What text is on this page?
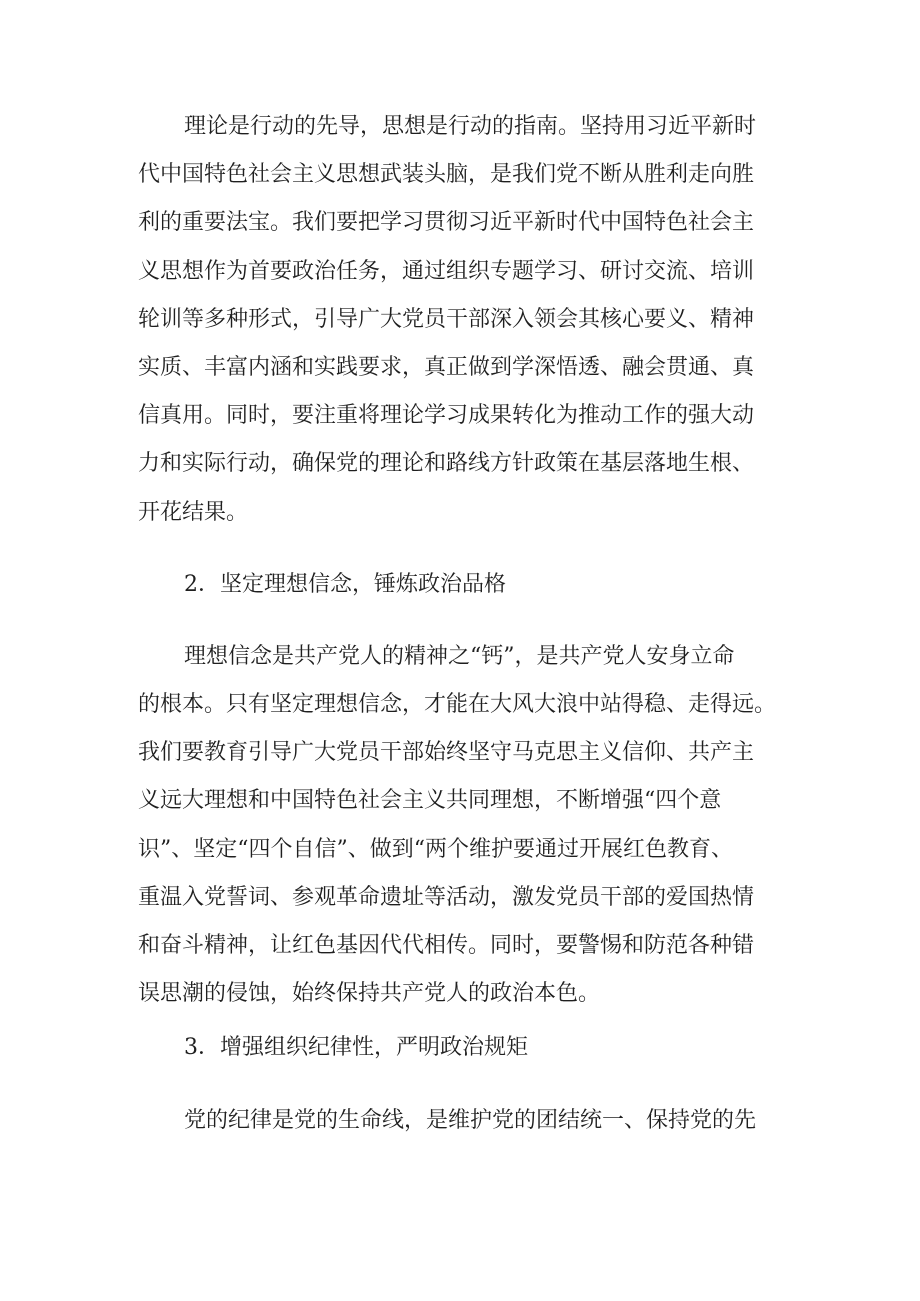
理论是行动的先导，思想是行动的指南。坚持用习近平新时
代中国特色社会主义思想武装头脑，是我们党不断从胜利走向胜
利的重要法宝。我们要把学习贯彻习近平新时代中国特色社会主
义思想作为首要政治任务，通过组织专题学习、研讨交流、培训
轮训等多种形式，引导广大党员干部深入领会其核心要义、精神
实质、丰富内涵和实践要求，真正做到学深悟透、融会贯通、真
信真用。同时，要注重将理论学习成果转化为推动工作的强大动
力和实际行动，确保党的理论和路线方针政策在基层落地生根、
开花结果。
2．坚定理想信念，锤炼政治品格
理想信念是共产党人的精神之“钙”，是共产党人安身立命
的根本。只有坚定理想信念，才能在大风大浪中站得稳、走得远。
我们要教育引导广大党员干部始终坚守马克思主义信仰、共产主
义远大理想和中国特色社会主义共同理想，不断增强“四个意
识”、坚定“四个自信”、做到“两个维护要通过开展红色教育、
重温入党誓词、参观革命遗址等活动，激发党员干部的爱国热情
和奋斗精神，让红色基因代代相传。同时，要警惕和防范各种错
误思潮的侵蚀，始终保持共产党人的政治本色。
3．增强组织纪律性，严明政治规矩
党的纪律是党的生命线，是维护党的团结统一、保持党的先
